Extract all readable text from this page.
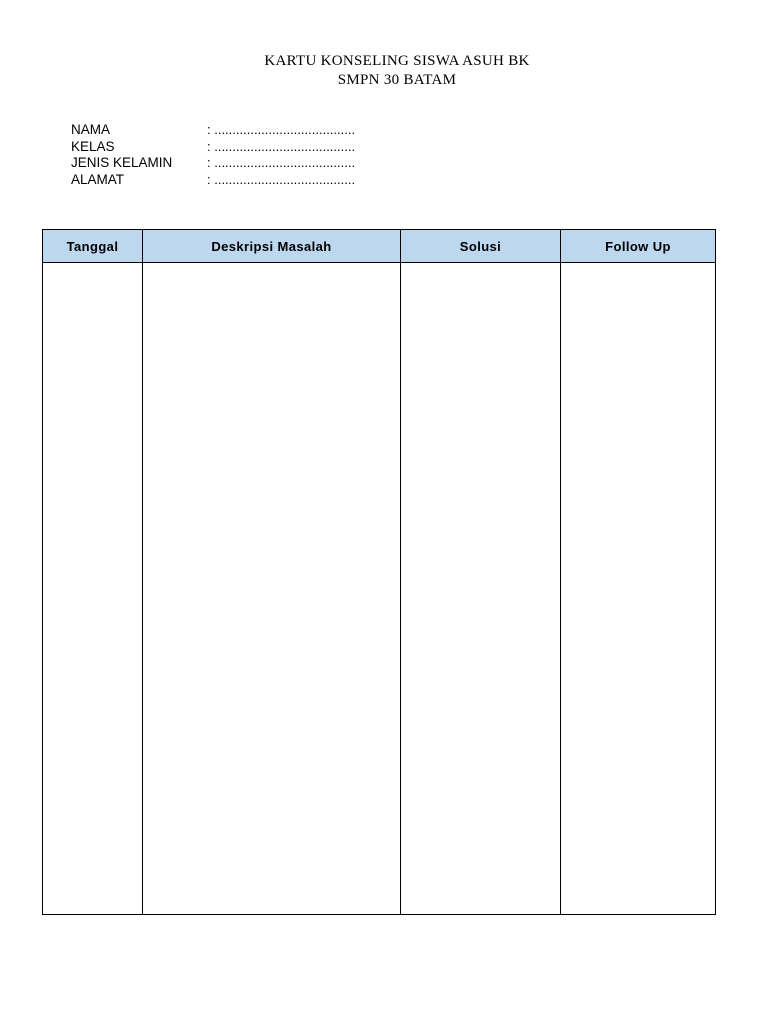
KARTU KONSELING SISWA ASUH BK
SMPN 30 BATAM
NAMA	: .......................................
KELAS	: .......................................
JENIS KELAMIN	: .......................................
ALAMAT	: .......................................
Tanggal	Deskripsi Masalah	Solusi	Follow Up
